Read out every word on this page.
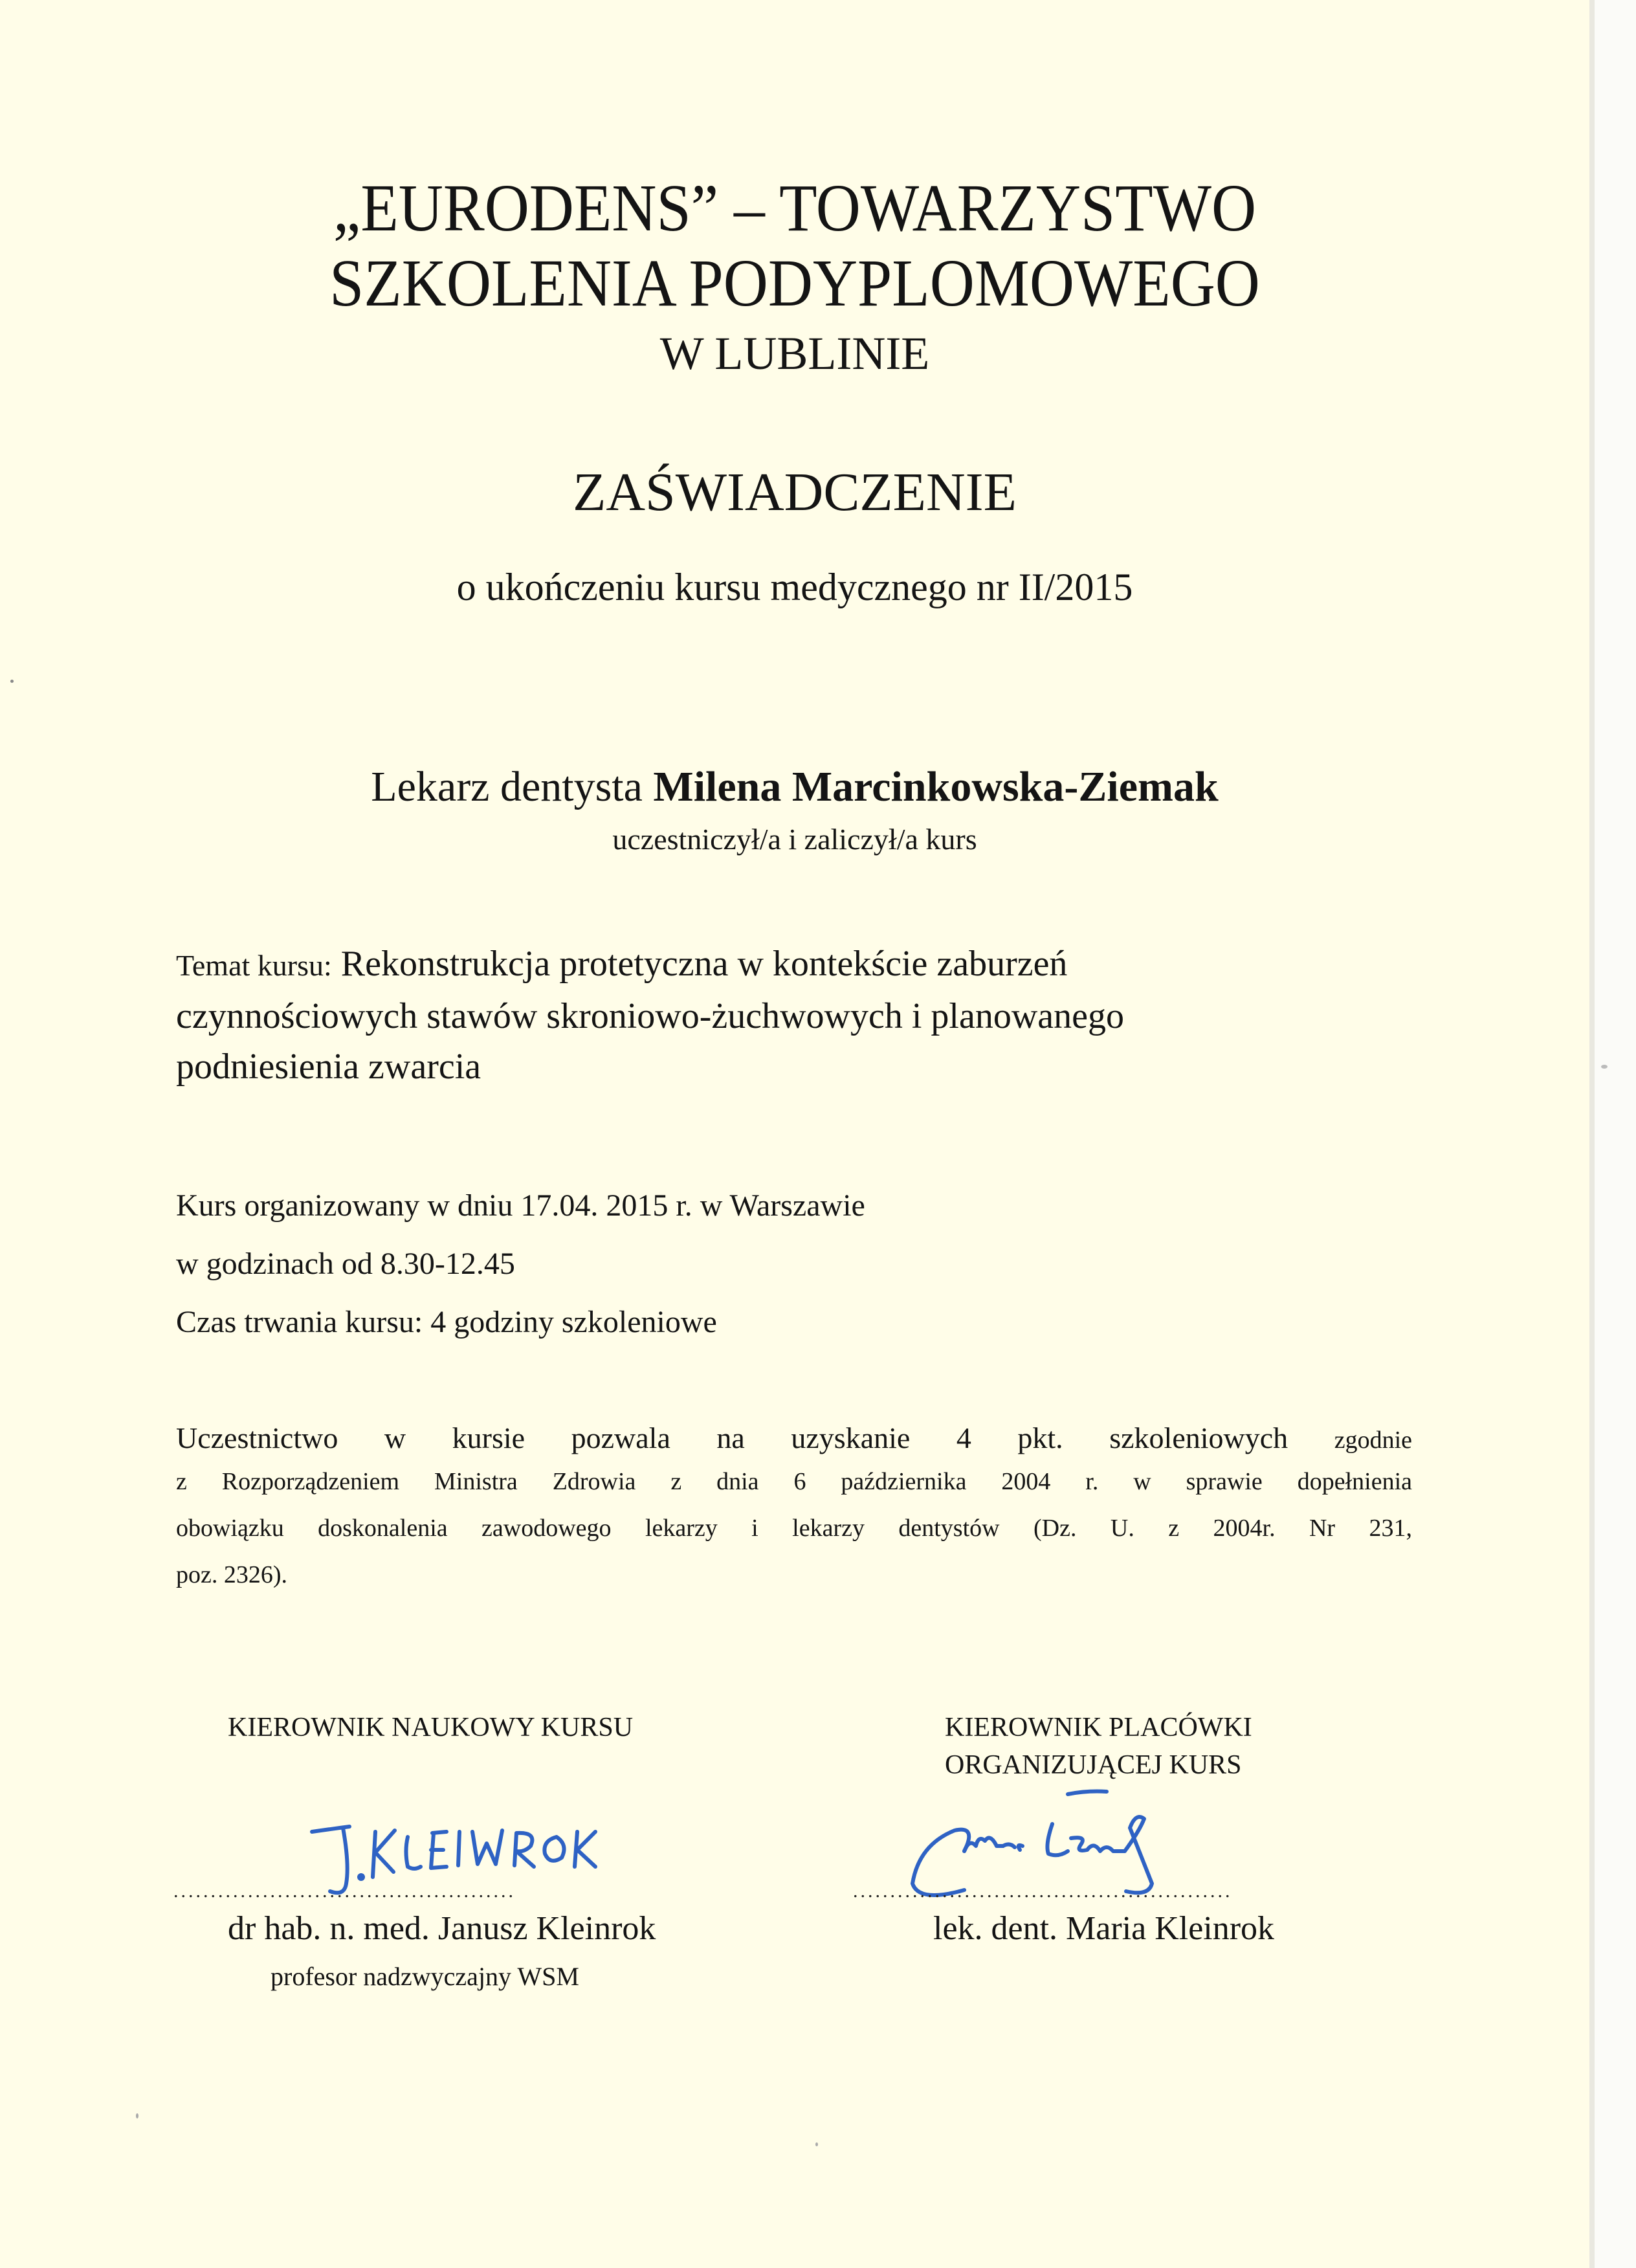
„EURODENS” – TOWARZYSTWO
SZKOLENIA PODYPLOMOWEGO
W LUBLINIE
ZAŚWIADCZENIE
o ukończeniu kursu medycznego nr II/2015
Lekarz dentysta Milena Marcinkowska-Ziemak
uczestniczył/a i zaliczył/a kurs
Temat kursu: Rekonstrukcja protetyczna w kontekście zaburzeń
czynnościowych stawów skroniowo-żuchwowych i planowanego
podniesienia zwarcia
Kurs organizowany w dniu 17.04. 2015 r. w Warszawie
w godzinach od 8.30-12.45
Czas trwania kursu: 4 godziny szkoleniowe
Uczestnictwo w kursie pozwala na uzyskanie 4 pkt. szkoleniowych zgodnie
z Rozporządzeniem Ministra Zdrowia z dnia 6 października 2004 r. w sprawie dopełnienia
obowiązku doskonalenia zawodowego lekarzy i lekarzy dentystów (Dz. U. z 2004r. Nr 231,
poz. 2326).
KIEROWNIK NAUKOWY KURSU
..............................................
dr hab. n. med. Janusz Kleinrok
profesor nadzwyczajny WSM
KIEROWNIK PLACÓWKI
ORGANIZUJĄCEJ KURS
...................................................
lek. dent. Maria Kleinrok
